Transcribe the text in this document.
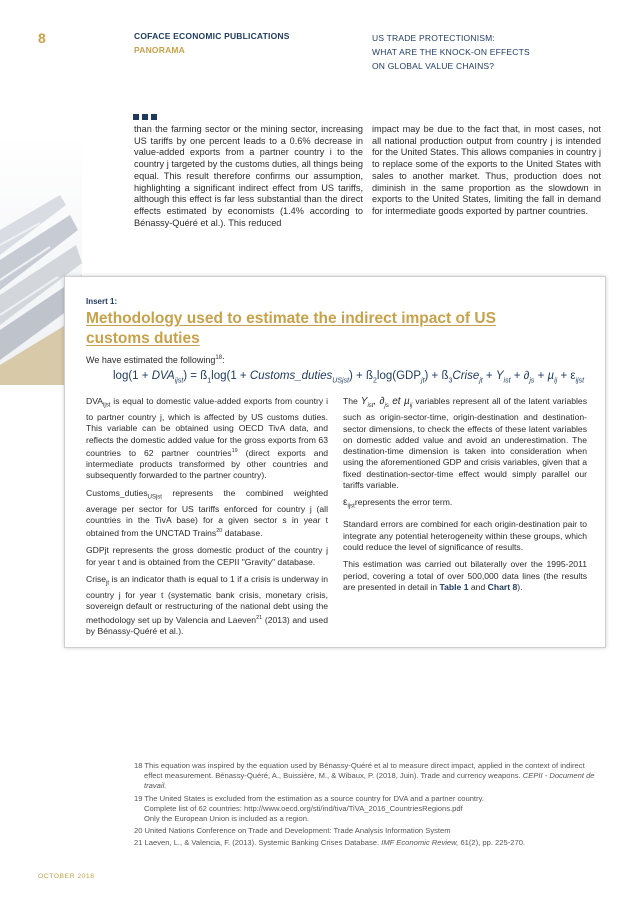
8	COFACE ECONOMIC PUBLICATIONS
PANORAMA
US TRADE PROTECTIONISM:
WHAT ARE THE KNOCK-ON EFFECTS
ON GLOBAL VALUE CHAINS?

than the farming sector or the mining sector, increasing US tariffs by one percent leads to a 0.6% decrease in value-added exports from a partner country i to the country j targeted by the customs duties, all things being equal. This result therefore confirms our assumption, highlighting a significant indirect effect from US tariffs, although this effect is far less substantial than the direct effects estimated by economists (1.4% according to Bénassy-Quéré et al.). This reduced

impact may be due to the fact that, in most cases, not all national production output from country j is intended for the United States. This allows companies in country j to replace some of the exports to the United States with sales to another market. Thus, production does not diminish in the same proportion as the slowdown in exports to the United States, limiting the fall in demand for intermediate goods exported by partner countries.

Insert 1:
Methodology used to estimate the indirect impact of US customs duties
We have estimated the following$^{18}$:
$\log(1 + DVA_{ijst})$ = $ß_1\log(1$ + Customs_duties$_{USjst}$) + $ß_2\log(GDP_{jt})$ + $ß_3Crise_{jt} + Y_{ist} + \partial_{js} + \mu_{ij} + \varepsilon_{ijst}$

$DVA_{ijst}$ is equal to domestic value-added exports from country i to partner country j, which is affected by US customs duties. This variable can be obtained using OECD TivA data, and reflects the domestic added value for the gross exports from 63 countries to 62 partner countries$^{19}$ (direct exports and intermediate products transformed by other countries and subsequently forwarded to the partner country).

Customs_duties$_{USjst}$ represents the combined weighted average per sector for US tariffs enforced for country j (all countries in the TivA base) for a given sector s in year t obtained from the UNCTAD Trains$^{20}$ database.

GDPjt represents the gross domestic product of the country j for year t and is obtained from the CEPII "Gravity" database.

Crise$_{jt}$ is an indicator thath is equal to 1 if a crisis is underway in country j for year t (systematic bank crisis, monetary crisis, sovereign default or restructuring of the national debt using the methodology set up by Valencia and Laeven$^{21}$ (2013) and used by Bénassy-Quéré et al.).

The $Y_{ist}$, $\partial_{js}$ et µ$_{ij}$ variables represent all of the latent variables such as origin-sector-time, origin-destination and destination-sector dimensions, to check the effects of these latent variables on domestic added value and avoid an underestimation. The destination-time dimension is taken into consideration when using the aforementioned GDP and crisis variables, given that a fixed destination-sector-time effect would simply parallel our tariffs variable.

$\varepsilon_{ijst}represents$ the error term.

Standard errors are combined for each origin-destination pair to integrate any potential heterogeneity within these groups, which could reduce the level of significance of results.

This estimation was carried out bilaterally over the 1995-2011 period, covering a total of over 500,000 data lines (the results are presented in detail in Table 1 and Chart 8).

18 This equation was inspired by the equation used by Bénassy-Quéré et al to measure direct impact, applied in the context of indirect effect measurement. Bénassy-Quéré, A., Buissière, M., & Wibaux, P. (2018, Juin). Trade and currency weapons. CEPII - Document de travail.

19 The United States is excluded from the estimation as a source country for DVA and a partner country.
Complete list of 62 countries: http://www.oecd.org/sti/ind/tiva/TiVA_2016_CountriesRegions.pdf
Only the European Union is included as a region.

20 United Nations Conference on Trade and Development: Trade Analysis Information System

21 Laeven, L., & Valencia, F. (2013). Systemic Banking Crises Database. IMF Economic Review, 61(2), pp. 225-270.

OCTOBER 2018
